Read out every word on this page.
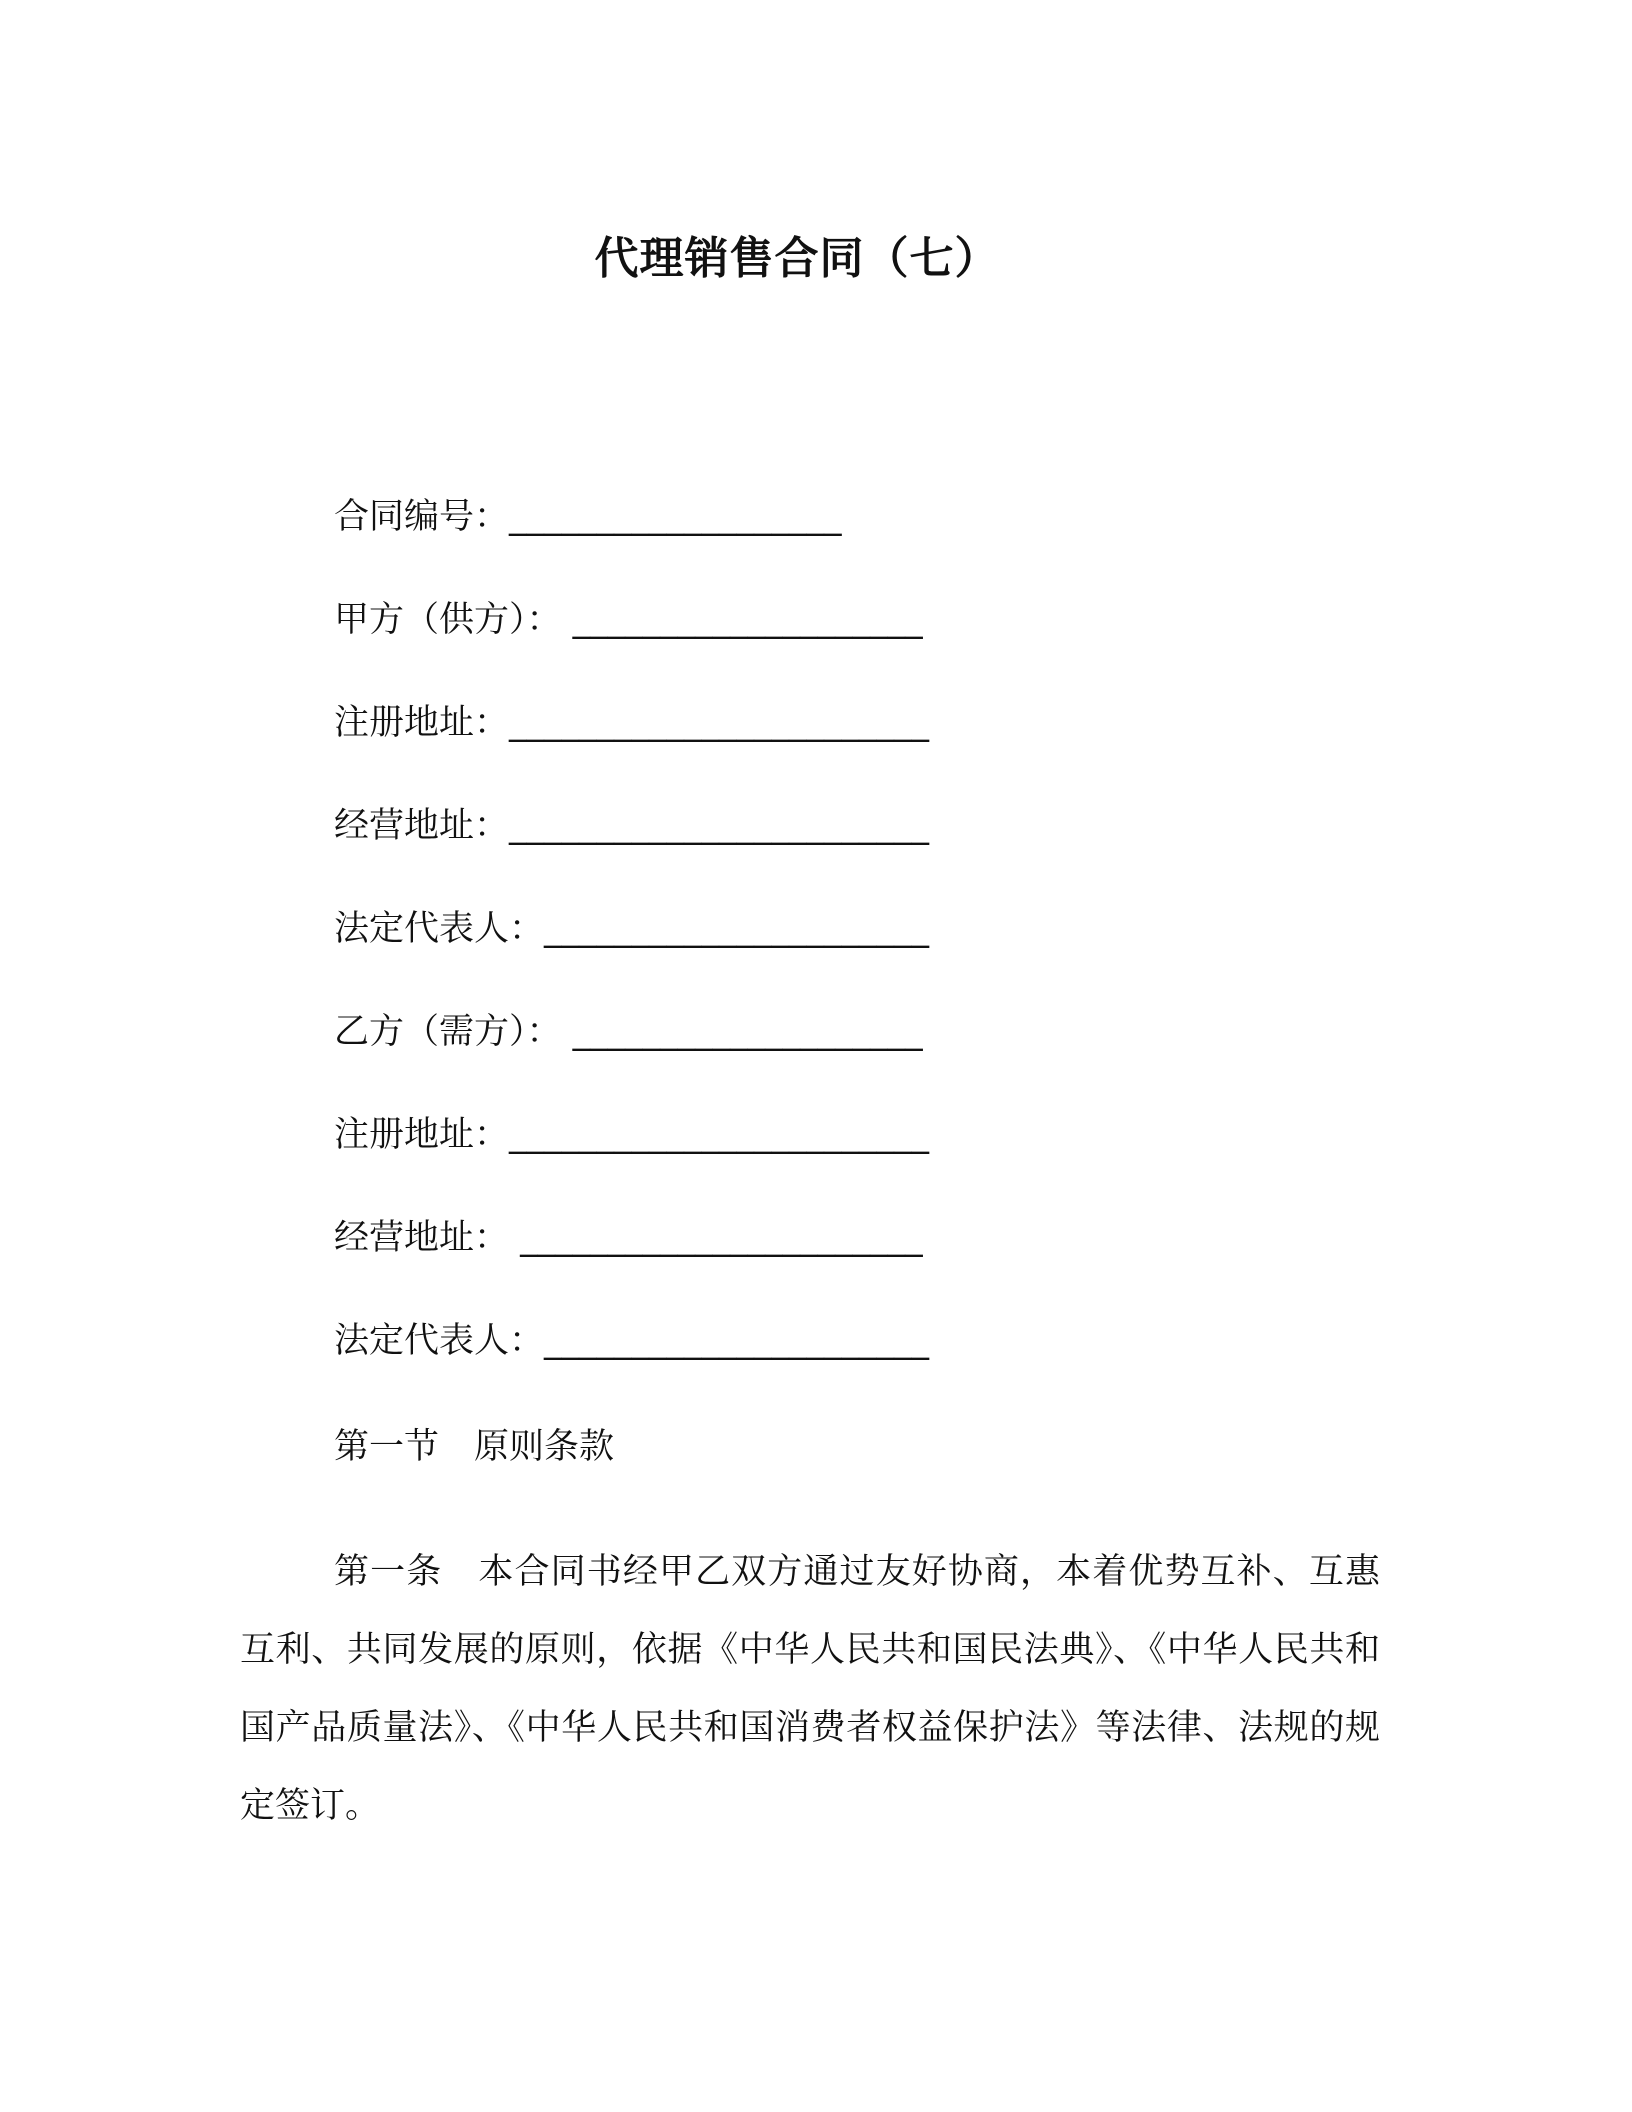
代理销售合同（七）
合同编号：___________________
甲方（供方）： ____________________
注册地址：________________________
经营地址：________________________
法定代表人：______________________
乙方（需方）： ____________________
注册地址：________________________
经营地址： _______________________
法定代表人：______________________
第一节　原则条款

第一条　本合同书经甲乙双方通过友好协商，本着优势互补、互惠互利、共同发展的原则，依据《中华人民共和国民法典》、《中华人民共和国产品质量法》、《中华人民共和国消费者权益保护法》等法律、法规的规定签订。
